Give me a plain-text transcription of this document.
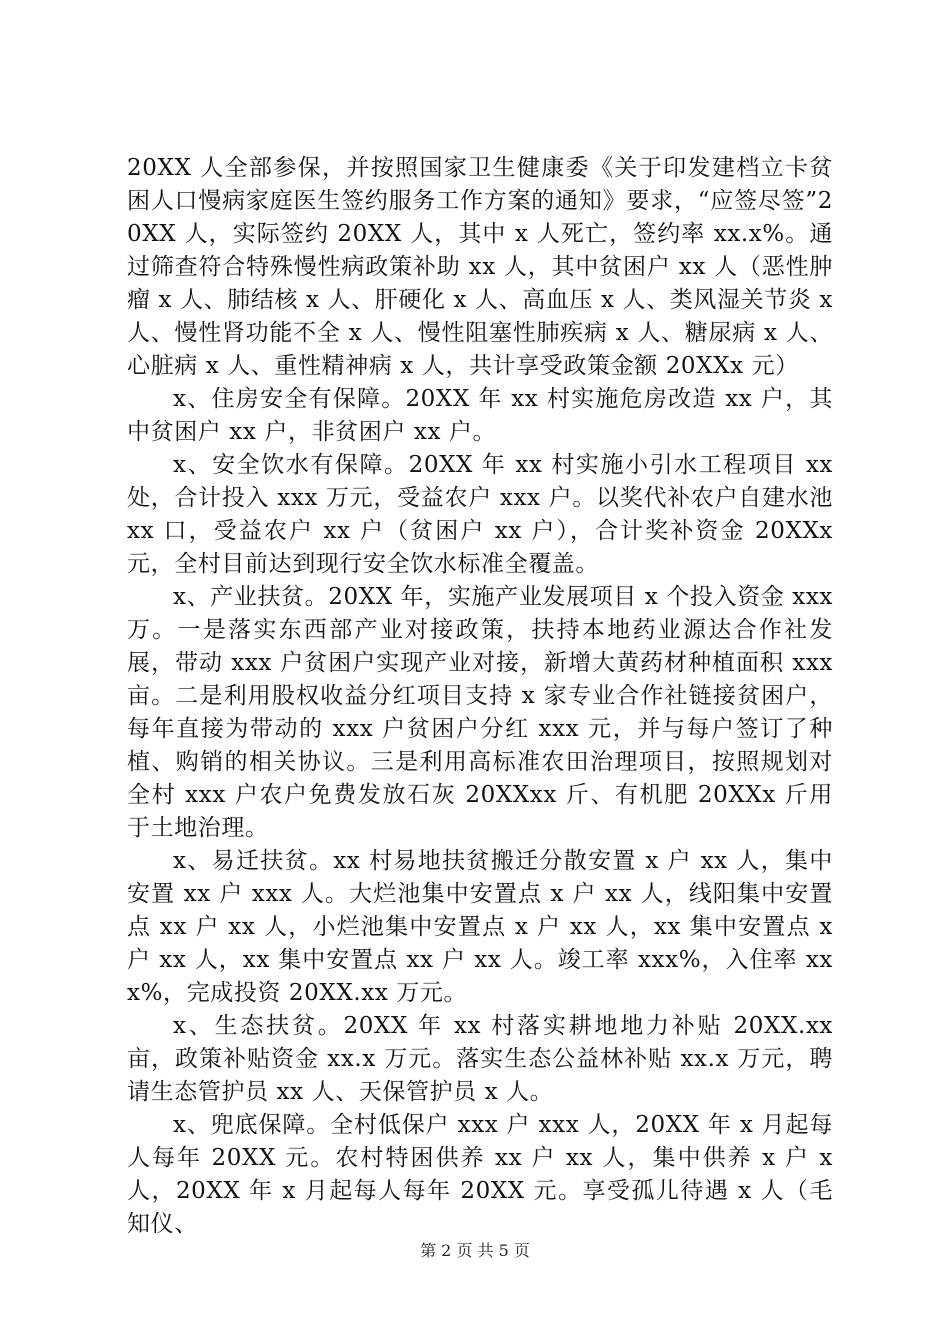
20XX 人全部参保，并按照国家卫生健康委《关于印发建档立卡贫困人口慢病家庭医生签约服务工作方案的通知》要求，“应签尽签”20XX 人，实际签约 20XX 人，其中 x 人死亡，签约率 xx.x%。通过筛查符合特殊慢性病政策补助 xx 人，其中贫困户 xx 人（恶性肿瘤 x 人、肺结核 x 人、肝硬化 x 人、高血压 x 人、类风湿关节炎 x 人、慢性肾功能不全 x 人、慢性阻塞性肺疾病 x 人、糖尿病 x 人、心脏病 x 人、重性精神病 x 人，共计享受政策金额 20XXx 元）

x、住房安全有保障。20XX 年 xx 村实施危房改造 xx 户，其中贫困户 xx 户，非贫困户 xx 户。

x、安全饮水有保障。20XX 年 xx 村实施小引水工程项目 xx 处，合计投入 xxx 万元，受益农户 xxx 户。以奖代补农户自建水池 xx 口，受益农户 xx 户（贫困户 xx 户），合计奖补资金 20XXx 元，全村目前达到现行安全饮水标准全覆盖。

x、产业扶贫。20XX 年，实施产业发展项目 x 个投入资金 xxx 万。一是落实东西部产业对接政策，扶持本地药业源达合作社发展，带动 xxx 户贫困户实现产业对接，新增大黄药材种植面积 xxx 亩。二是利用股权收益分红项目支持 x 家专业合作社链接贫困户，每年直接为带动的 xxx 户贫困户分红 xxx 元，并与每户签订了种植、购销的相关协议。三是利用高标准农田治理项目，按照规划对全村 xxx 户农户免费发放石灰 20XXxx 斤、有机肥 20XXx 斤用于土地治理。

x、易迁扶贫。xx 村易地扶贫搬迁分散安置 x 户 xx 人，集中安置 xx 户 xxx 人。大烂池集中安置点 x 户 xx 人，线阳集中安置点 xx 户 xx 人，小烂池集中安置点 x 户 xx 人，xx 集中安置点 x 户 xx 人，xx 集中安置点 xx 户 xx 人。竣工率 xxx%，入住率 xxx%，完成投资 20XX.xx 万元。

x、生态扶贫。20XX 年 xx 村落实耕地地力补贴 20XX.xx 亩，政策补贴资金 xx.x 万元。落实生态公益林补贴 xx.x 万元，聘请生态管护员 xx 人、天保管护员 x 人。

x、兜底保障。全村低保户 xxx 户 xxx 人，20XX 年 x 月起每人每年 20XX 元。农村特困供养 xx 户 xx 人，集中供养 x 户 x 人，20XX 年 x 月起每人每年 20XX 元。享受孤儿待遇 x 人（毛知仪、

第 2 页 共 5 页
